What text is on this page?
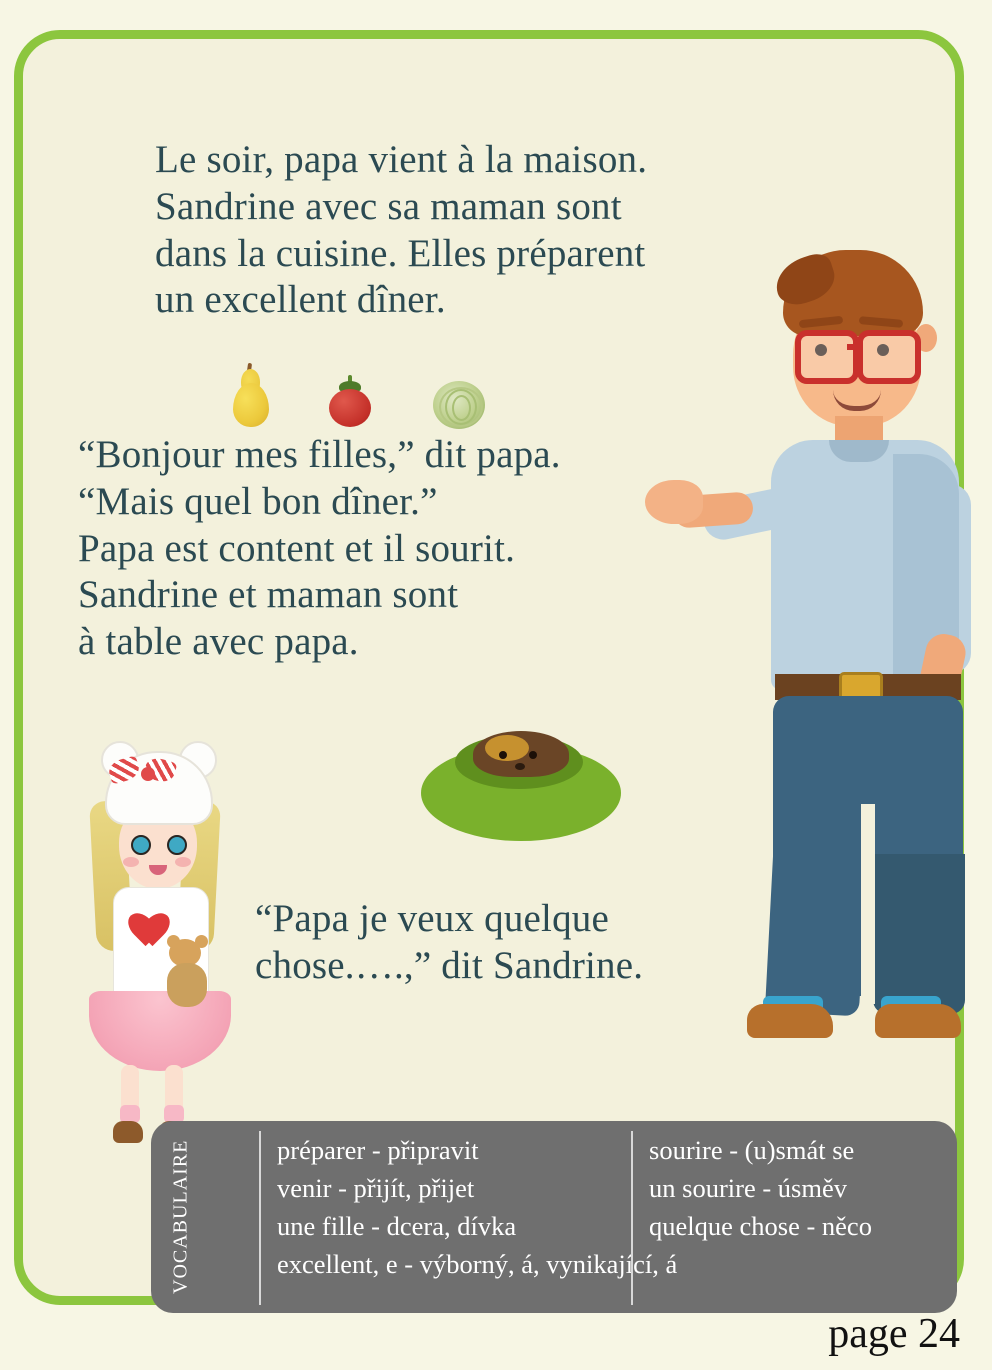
Le soir, papa vient à la maison.
Sandrine avec sa maman sont
dans la cuisine. Elles préparent
un excellent dîner.
“Bonjour mes filles,” dit papa.
“Mais quel bon dîner.”
Papa est content et il sourit.
Sandrine et maman sont
à table avec papa.
“Papa je veux quelque
chose.….,” dit Sandrine.
VOCABULAIRE	préparer - připravit
venir - přijít, přijet
une fille - dcera, dívka
excellent, e - výborný, á, vynikající, á
sourire - (u)smát se
un sourire - úsměv
quelque chose - něco
page 24
